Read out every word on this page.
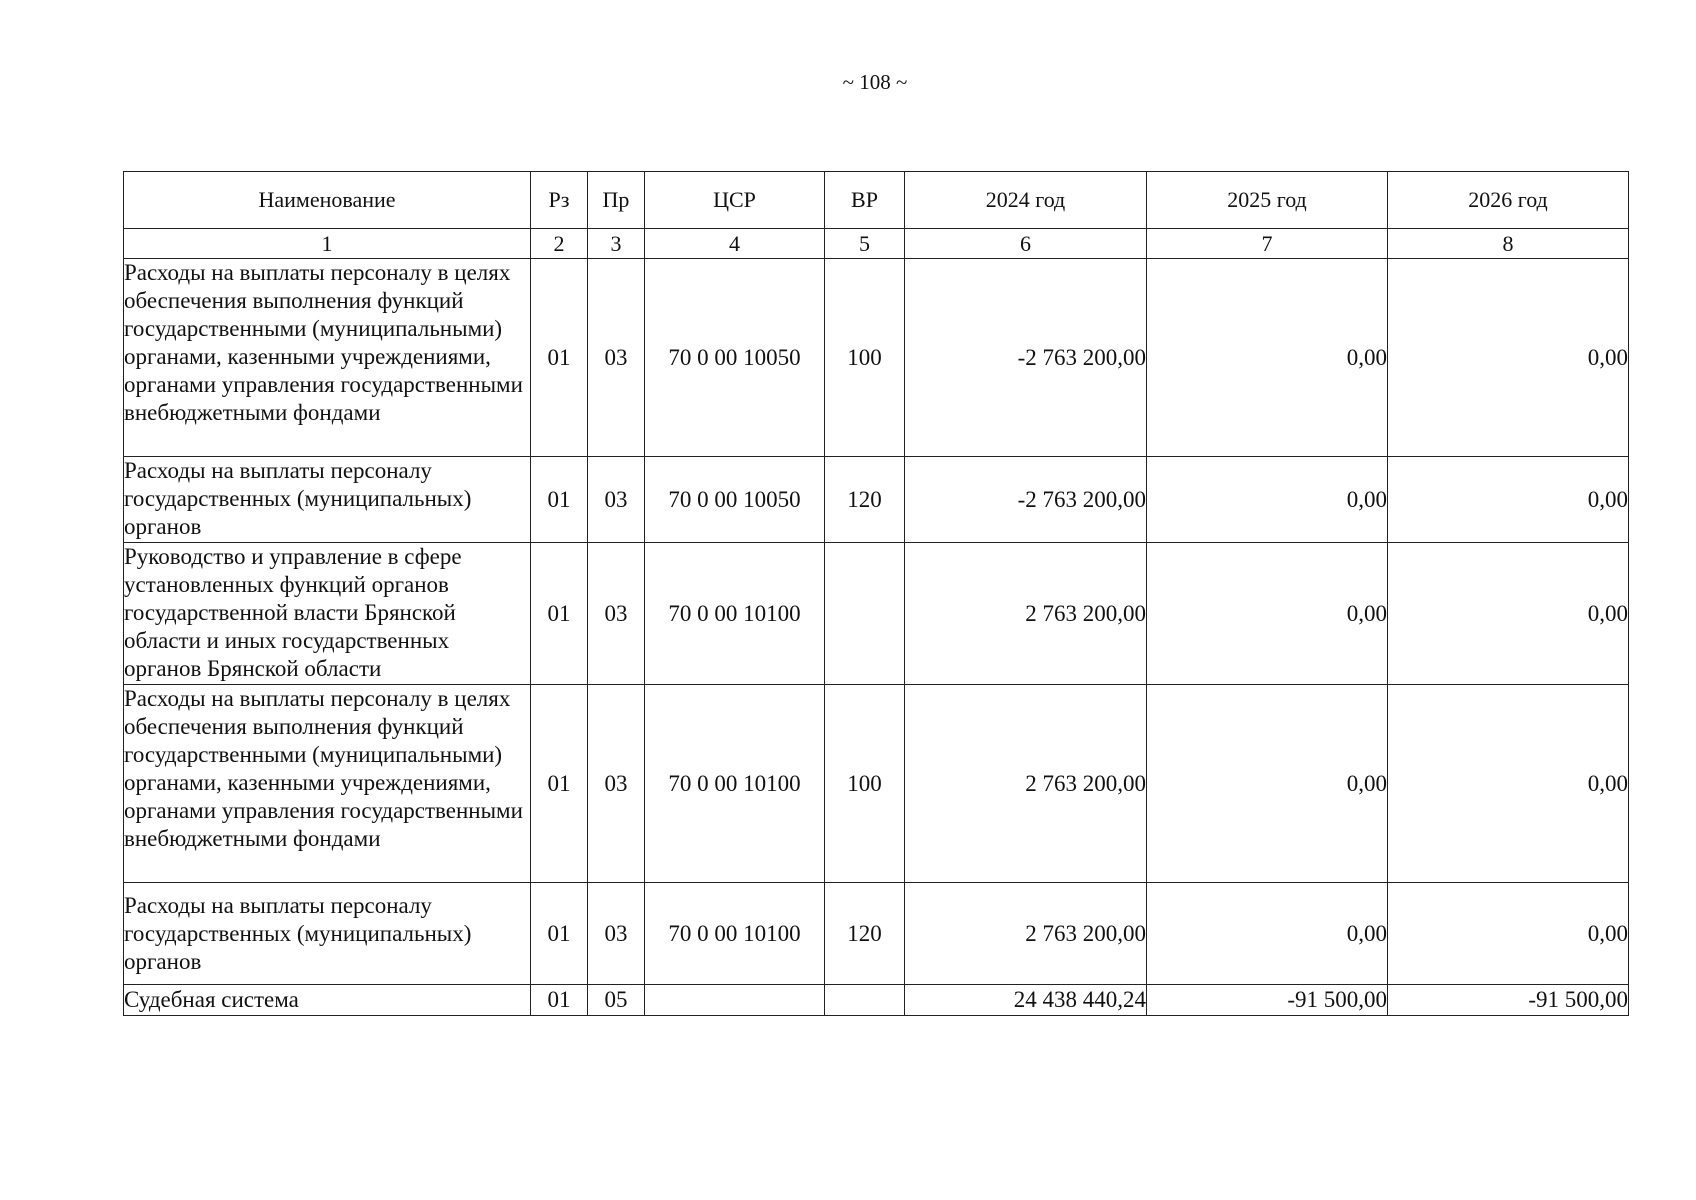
~ 108 ~
Наименование	Рз	Пр	ЦСР	ВР	2024 год	2025 год	2026 год
1	2	3	4	5	6	7	8
Расходы на выплаты персоналу в целях обеспечения выполнения функций государственными (муниципальными) органами, казенными учреждениями, органами управления государственными внебюджетными фондами	01	03	70 0 00 10050	100	-2 763 200,00	0,00	0,00
Расходы на выплаты персоналу государственных (муниципальных) органов	01	03	70 0 00 10050	120	-2 763 200,00	0,00	0,00
Руководство и управление в сфере установленных функций органов государственной власти Брянской области и иных государственных органов Брянской области	01	03	70 0 00 10100		2 763 200,00	0,00	0,00
Расходы на выплаты персоналу в целях обеспечения выполнения функций государственными (муниципальными) органами, казенными учреждениями, органами управления государственными внебюджетными фондами	01	03	70 0 00 10100	100	2 763 200,00	0,00	0,00
Расходы на выплаты персоналу государственных (муниципальных) органов	01	03	70 0 00 10100	120	2 763 200,00	0,00	0,00
Судебная система	01	05			24 438 440,24	-91 500,00	-91 500,00
